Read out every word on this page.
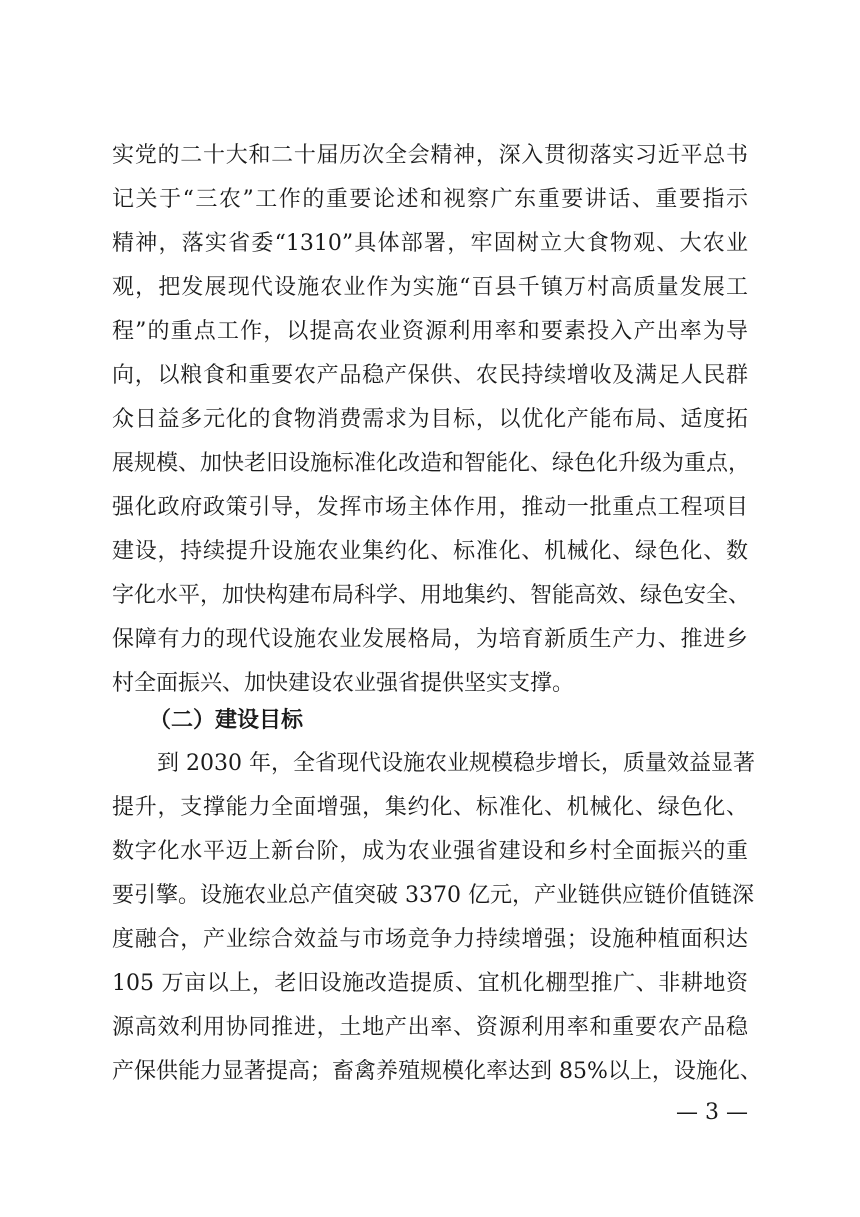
实党的二十大和二十届历次全会精神，深入贯彻落实习近平总书
记关于“三农”工作的重要论述和视察广东重要讲话、重要指示
精神，落实省委“1310”具体部署，牢固树立大食物观、大农业
观，把发展现代设施农业作为实施“百县千镇万村高质量发展工
程”的重点工作，以提高农业资源利用率和要素投入产出率为导
向，以粮食和重要农产品稳产保供、农民持续增收及满足人民群
众日益多元化的食物消费需求为目标，以优化产能布局、适度拓
展规模、加快老旧设施标准化改造和智能化、绿色化升级为重点，
强化政府政策引导，发挥市场主体作用，推动一批重点工程项目
建设，持续提升设施农业集约化、标准化、机械化、绿色化、数
字化水平，加快构建布局科学、用地集约、智能高效、绿色安全、
保障有力的现代设施农业发展格局，为培育新质生产力、推进乡
村全面振兴、加快建设农业强省提供坚实支撑。
（二）建设目标
到 2030 年，全省现代设施农业规模稳步增长，质量效益显著
提升，支撑能力全面增强，集约化、标准化、机械化、绿色化、
数字化水平迈上新台阶，成为农业强省建设和乡村全面振兴的重
要引擎。设施农业总产值突破 3370 亿元，产业链供应链价值链深
度融合，产业综合效益与市场竞争力持续增强；设施种植面积达
105 万亩以上，老旧设施改造提质、宜机化棚型推广、非耕地资
源高效利用协同推进，土地产出率、资源利用率和重要农产品稳
产保供能力显著提高；畜禽养殖规模化率达到 85%以上，设施化、
— 3 —
